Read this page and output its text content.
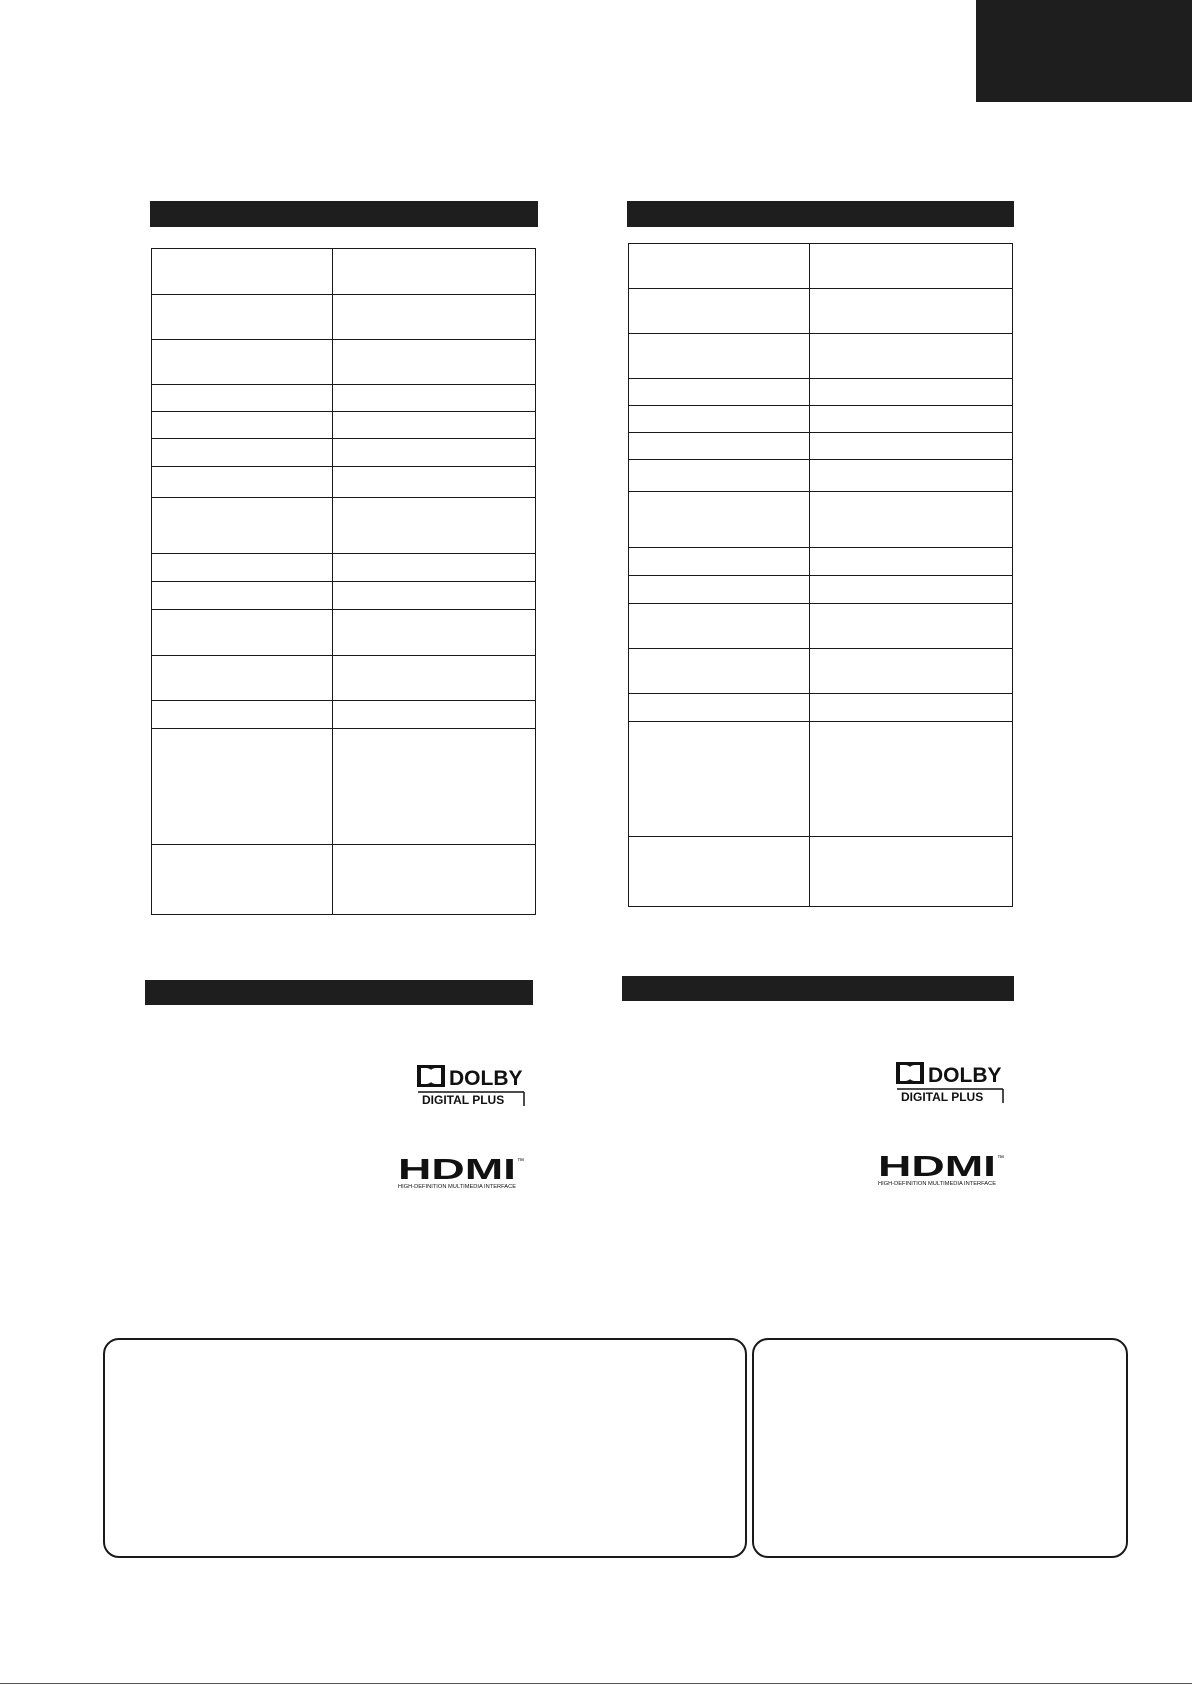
DOLBY
DIGITAL PLUS
HDMI ™
HIGH-DEFINITION MULTIMEDIA INTERFACE
DOLBY
DIGITAL PLUS
HDMI ™
HIGH-DEFINITION MULTIMEDIA INTERFACE
